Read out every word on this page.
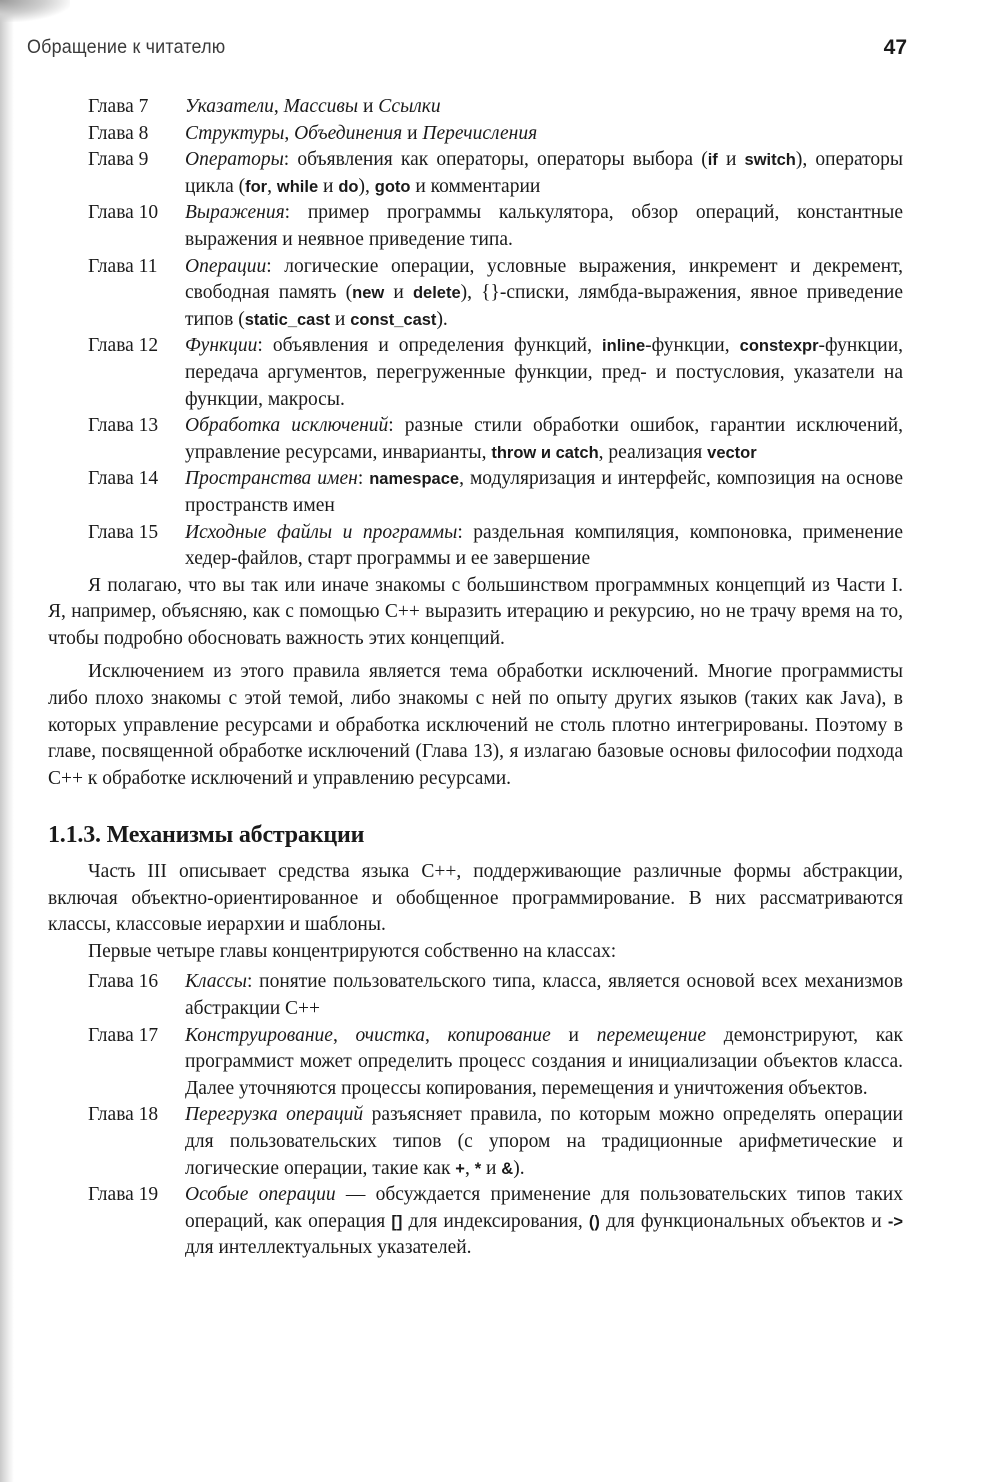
Обращение к читателю	47
Глава 7	Указатели, Массивы и Ссылки
Глава 8	Структуры, Объединения и Перечисления
Глава 9	Операторы: объявления как операторы, операторы выбора (if и switch), операторы цикла (for, while и do), goto и комментарии
Глава 10	Выражения: пример программы калькулятора, обзор операций, константные выражения и неявное приведение типа.
Глава 11	Операции: логические операции, условные выражения, инкремент и декремент, свободная память (new и delete), {}-списки, лямбда-выражения, явное приведение типов (static_cast и const_cast).
Глава 12	Функции: объявления и определения функций, inline-функции, constexpr-функции, передача аргументов, перегруженные функции, пред- и постусловия, указатели на функции, макросы.
Глава 13	Обработка исключений: разные стили обработки ошибок, гарантии исключений, управление ресурсами, инварианты, throw и catch, реализация vector
Глава 14	Пространства имен: namespace, модуляризация и интерфейс, композиция на основе пространств имен
Глава 15	Исходные файлы и программы: раздельная компиляция, компоновка, применение хедер-файлов, старт программы и ее завершение

Я полагаю, что вы так или иначе знакомы с большинством программных концепций из Части I. Я, например, объясняю, как с помощью C++ выразить итерацию и рекурсию, но не трачу время на то, чтобы подробно обосновать важность этих концепций.

Исключением из этого правила является тема обработки исключений. Многие программисты либо плохо знакомы с этой темой, либо знакомы с ней по опыту других языков (таких как Java), в которых управление ресурсами и обработка исключений не столь плотно интегрированы. Поэтому в главе, посвященной обработке исключений (Глава 13), я излагаю базовые основы философии подхода C++ к обработке исключений и управлению ресурсами.

1.1.3. Механизмы абстракции

Часть III описывает средства языка C++, поддерживающие различные формы абстракции, включая объектно-ориентированное и обобщенное программирование. В них рассматриваются классы, классовые иерархии и шаблоны.

Первые четыре главы концентрируются собственно на классах:

Глава 16	Классы: понятие пользовательского типа, класса, является основой всех механизмов абстракции C++
Глава 17	Конструирование, очистка, копирование и перемещение демонстрируют, как программист может определить процесс создания и инициализации объектов класса. Далее уточняются процессы копирования, перемещения и уничтожения объектов.
Глава 18	Перегрузка операций разъясняет правила, по которым можно определять операции для пользовательских типов (с упором на традиционные арифметические и логические операции, такие как +, * и &).
Глава 19	Особые операции — обсуждается применение для пользовательских типов таких операций, как операция [] для индексирования, () для функциональных объектов и -> для интеллектуальных указателей.
